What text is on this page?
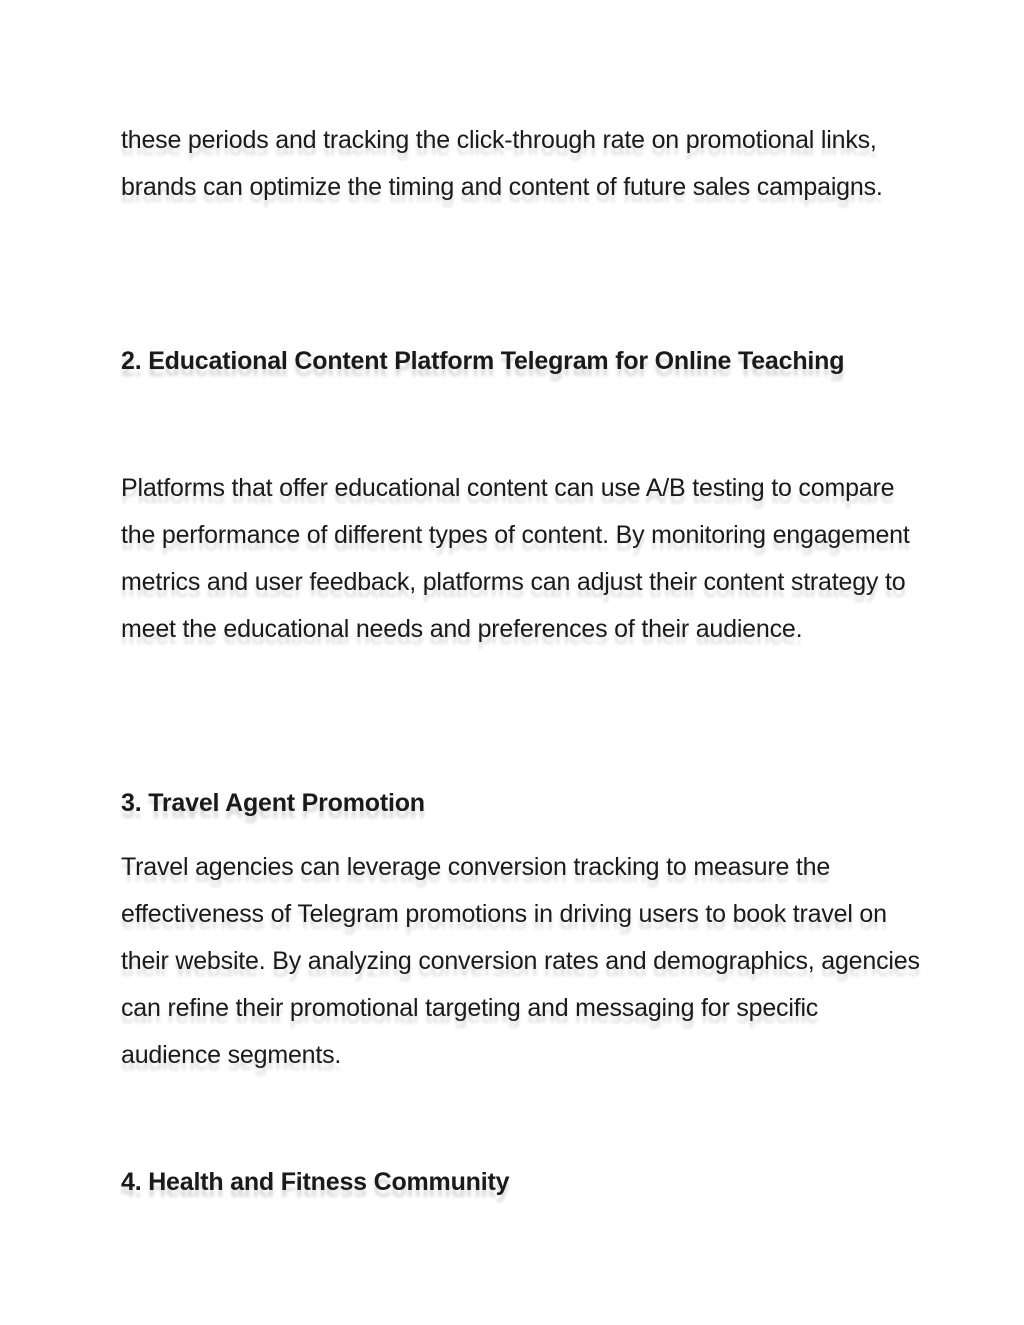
these periods and tracking the click-through rate on promotional links, brands can optimize the timing and content of future sales campaigns.

2. Educational Content Platform Telegram for Online Teaching

Platforms that offer educational content can use A/B testing to compare the performance of different types of content. By monitoring engagement metrics and user feedback, platforms can adjust their content strategy to meet the educational needs and preferences of their audience.

3. Travel Agent Promotion

Travel agencies can leverage conversion tracking to measure the effectiveness of Telegram promotions in driving users to book travel on their website. By analyzing conversion rates and demographics, agencies can refine their promotional targeting and messaging for specific audience segments.

4. Health and Fitness Community
